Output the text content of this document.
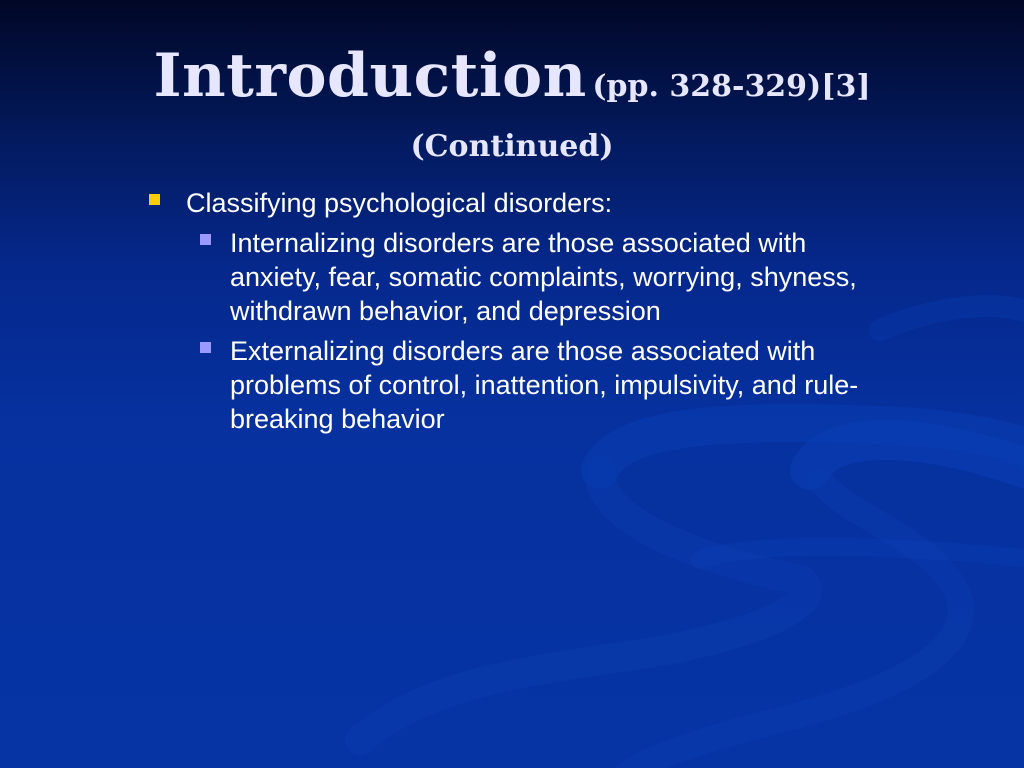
Introduction (pp. 328-329)[3]
(Continued)
Classifying psychological disorders:
Internalizing disorders are those associated with
anxiety, fear, somatic complaints, worrying, shyness,
withdrawn behavior, and depression
Externalizing disorders are those associated with
problems of control, inattention, impulsivity, and rule-
breaking behavior
